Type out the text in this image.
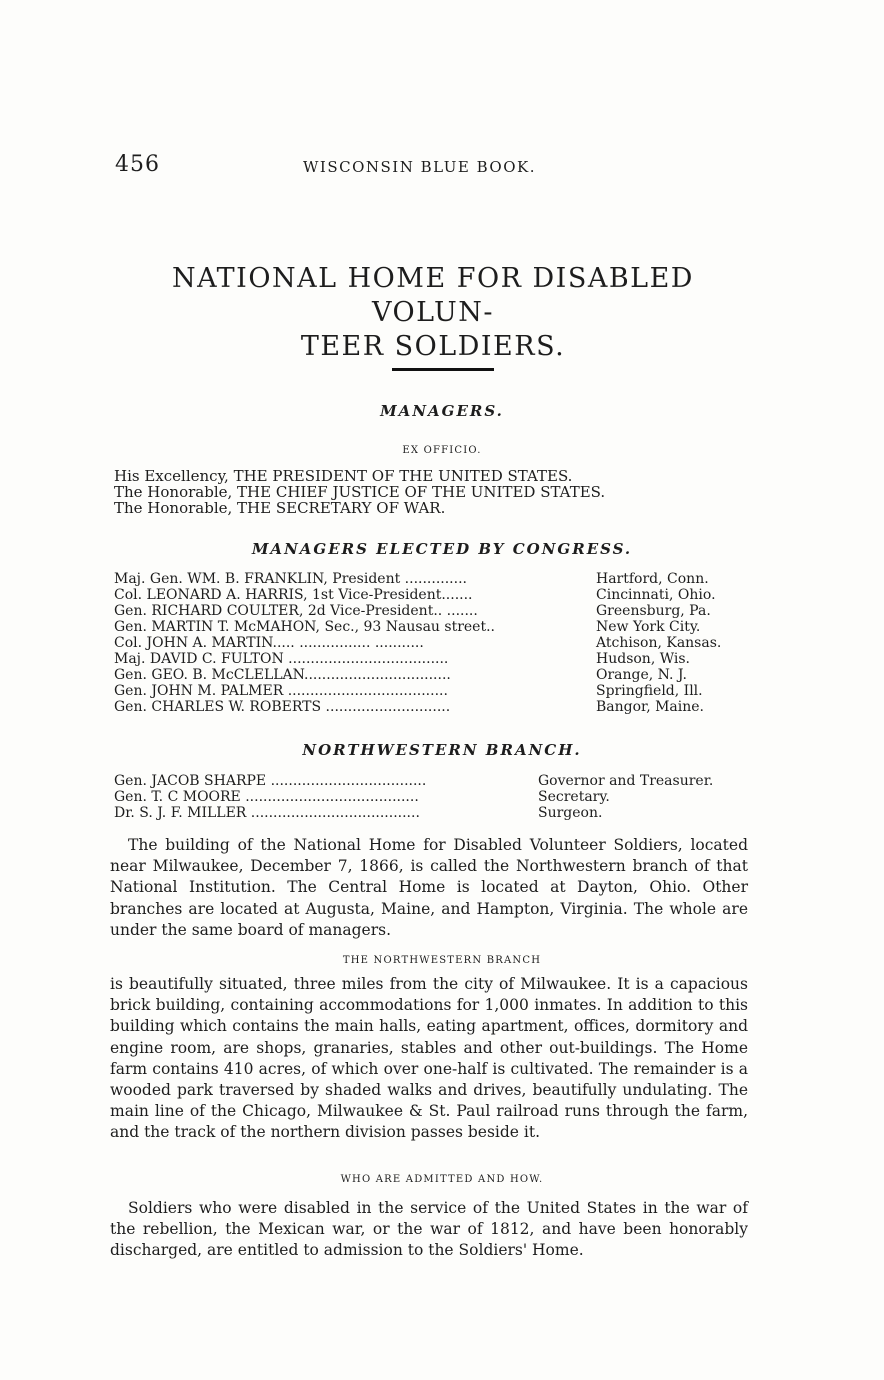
456	WISCONSIN BLUE BOOK.
NATIONAL HOME FOR DISABLED VOLUN-
TEER SOLDIERS.
MANAGERS.
EX OFFICIO.
His Excellency, THE PRESIDENT OF THE UNITED STATES.
The Honorable, THE CHIEF JUSTICE OF THE UNITED STATES.
The Honorable, THE SECRETARY OF WAR.
MANAGERS ELECTED BY CONGRESS.
Maj. Gen. WM. B. FRANKLIN, President ..............	Hartford, Conn.
Col. LEONARD A. HARRIS, 1st Vice-President.......	Cincinnati, Ohio.
Gen. RICHARD COULTER, 2d Vice-President.. .......	Greensburg, Pa.
Gen. MARTIN T. McMAHON, Sec., 93 Nausau street..	New York City.
Col. JOHN A. MARTIN..... ................ ...........	Atchison, Kansas.
Maj. DAVID C. FULTON ....................................	Hudson, Wis.
Gen. GEO. B. McCLELLAN.................................	Orange, N. J.
Gen. JOHN M. PALMER ....................................	Springfield, Ill.
Gen. CHARLES W. ROBERTS ............................	Bangor, Maine.
NORTHWESTERN BRANCH.
Gen. JACOB SHARPE ...................................	Governor and Treasurer.
Gen. T. C MOORE .......................................	Secretary.
Dr. S. J. F. MILLER ......................................	Surgeon.

The building of the National Home for Disabled Volunteer Soldiers, located near Milwaukee, December 7, 1866, is called the Northwestern branch of that National Institution. The Central Home is located at Dayton, Ohio. Other branches are located at Augusta, Maine, and Hampton, Virginia. The whole are under the same board of managers.

THE NORTHWESTERN BRANCH

is beautifully situated, three miles from the city of Milwaukee. It is a capacious brick building, containing accommodations for 1,000 inmates. In addition to this building which contains the main halls, eating apartment, offices, dormitory and engine room, are shops, granaries, stables and other out-buildings. The Home farm contains 410 acres, of which over one-half is cultivated. The remainder is a wooded park traversed by shaded walks and drives, beautifully undulating. The main line of the Chicago, Milwaukee & St. Paul railroad runs through the farm, and the track of the northern division passes beside it.

WHO ARE ADMITTED AND HOW.

Soldiers who were disabled in the service of the United States in the war of the rebellion, the Mexican war, or the war of 1812, and have been honorably discharged, are entitled to admission to the Soldiers' Home.
